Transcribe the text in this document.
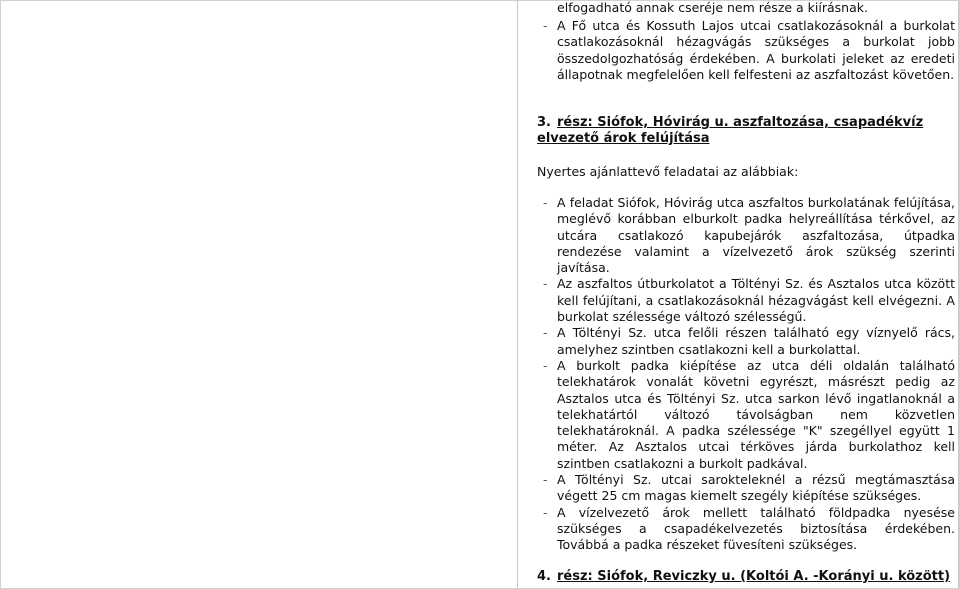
elfogadható annak cseréje nem része a kiírásnak.

- A Fő utca és Kossuth Lajos utcai csatlakozásoknál a burkolat csatlakozásoknál hézagvágás szükséges a burkolat jobb összedolgozhatóság érdekében. A burkolati jeleket az eredeti állapotnak megfelelően kell felfesteni az aszfaltozást követően.
3. rész: Siófok, Hóvirág u. aszfaltozása, csapadékvíz elvezető árok felújítása

Nyertes ajánlattevő feladatai az alábbiak:

- A feladat Siófok, Hóvirág utca aszfaltos burkolatának felújítása, meglévő korábban elburkolt padka helyreállítása térkővel, az utcára csatlakozó kapubejárók aszfaltozása, útpadka rendezése valamint a vízelvezető árok szükség szerinti javítása.
- Az aszfaltos útburkolatot a Töltényi Sz. és Asztalos utca között kell felújítani, a csatlakozásoknál hézagvágást kell elvégezni. A burkolat szélessége változó szélességű.
- A Töltényi Sz. utca felőli részen található egy víznyelő rács, amelyhez szintben csatlakozni kell a burkolattal.
- A burkolt padka kiépítése az utca déli oldalán található telekhatárok vonalát követni egyrészt, másrészt pedig az Asztalos utca és Töltényi Sz. utca sarkon lévő ingatlanoknál a telekhatártól változó távolságban nem közvetlen telekhatároknál. A padka szélessége "K" szegéllyel együtt 1 méter. Az Asztalos utcai térköves járda burkolathoz kell szintben csatlakozni a burkolt padkával.
- A Töltényi Sz. utcai sarokteleknél a rézsű megtámasztása végett 25 cm magas kiemelt szegély kiépítése szükséges.
- A vízelvezető árok mellett található földpadka nyesése szükséges a csapadékelvezetés biztosítása érdekében. Továbbá a padka részeket füvesíteni szükséges.
4. rész: Siófok, Reviczky u. (Koltói A. -Korányi u. között)
